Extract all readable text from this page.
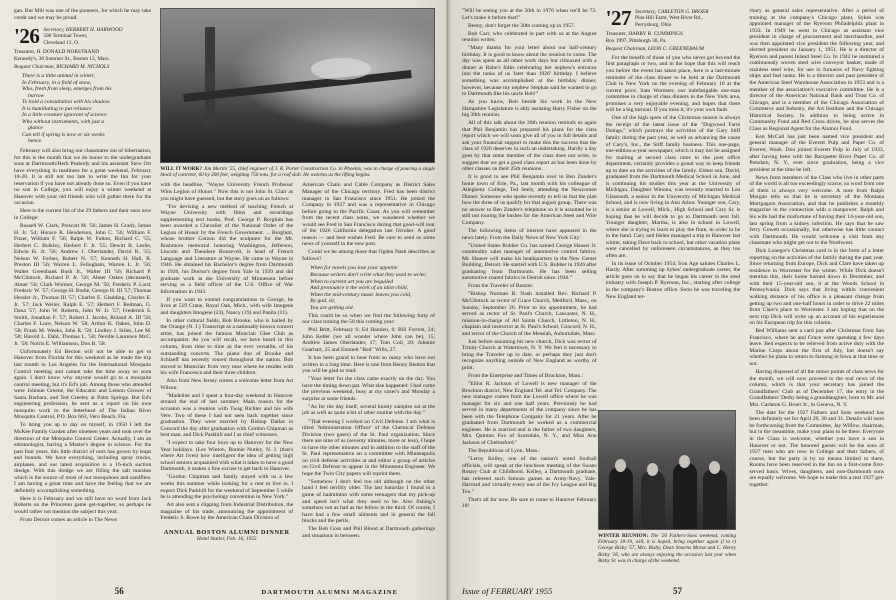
gan. But Milt was one of the pioneers, for which he may take credit and we may be proud.

'26 Secretary, HERBERT H. HARWOOD
500 Terminal Tower,
Cleveland 13, O.
Treasurer, H. DONALD NORSTRAND
Kennedy's, 30 Summer St., Boston 12, Mass.
Bequest Chairman, RICHARD M. NICHOLS
There is a little animal in winter,
In February, in a field of snow,
Who, fresh from sleep, emerges from his
burrow
To hold a consultation with his shadow.
It is humiliating to put reliance
In a little creature ignorant of science
Who without instruments, with just a
glance
Can tell if spring is now or six weeks
hence.

February will also bring our classmates out of hibernation, for this is the month that we do honor to the undergraduate sons at Dartmouth/Herb Peabody and his assistant Stew Orr have everything in readiness for a great weekend, February 18-20. It is still not too late to write the Inn for your reservation if you have not already done so. Even if you have no son in College, you will enjoy a winter weekend at Hanover with your old friends who will gather there for the occasion.

Here is the current list of the 29 fathers and their sons now in College:

Russell W. Clark, Prescott M. '56; James H. Grady, James H. Jr. '54; Horace R. Henderson, John C. '56; William F. Fitzer, William F. '56; Ralph W. Fulton, Richard C. '55; Herbert C. Bulkley, Herbert F. Jr. '55; Dewitt B. Leslie, Edwin H. Jr. '56; Andrew J. Oberlander, David R. '55; Nelson W. Forbes, Robert N. '57; Kenneth H. Hall, R. Preston III '56; Warren L. Felingham, Warren L. Jr. '56; Walter Greenbank Bush Jr., Walter III '56; Richard P. McClintock, Richard P. Jr. '56; Abner Oakes (deceased), Abner '56; Clark Wormer, George M. '56; Frederic P. Lord, Frederic W. '57; George H. Bodie, George H. III '57; Thomas Hessler Jr., Thomas III '57; Charles E. Gladding, Charles E. Jr. '57; Jack Weiler, Ralph E. '57; Herbert F. Redman, G. Dana '57; John W. Roberts, John W. Jr. '57; Frederick S. Smith, Jonathan F. '57; Robert J. Jacobs, Roland A. III '58; Charles F. Luce, Nelson W. '58; Arthur K. Oakes, John D. '58; Frank M. Weeks, John R. '58; Lindley J. Stiles, Lee M. '58; Harold L. Dahl, Thomas L. '58; Neville Laurence McC. Jr. '58; Norris E. Williamson, Don B. '58.

Unfortunately Ed Becton will not be able to get to Hanover from Florida for this weekend as he made the trip last month to Los Angeles for the International Mosquito Control meeting and cannot take the time away so soon again. I don't know why anyone would go to a mosquito control meeting, but it's Ed's job. Among those who attended were Johnnie Greene, the Educator and Lemon Grower of Santa Barbara, and Ted Greeley at Palm Springs. But Ed's engineering profession, he sent us a report on his own mosquito work to the letterhead of The Indian River Mosquito Control, P.O. Box 663, Vero Beach, Fla.

To bring you up to day on myself, in 1950 I left the McKee Family Garden after nineteen years and took over the direction of the Mosquito Control Center. Actually, I am an entomologist, having a Master's degree in science. For the past four years, this little district of ours has grown by leaps and bounds. We have everything, including spray trucks, airplanes, and our latest acquisition is a 16-inch suction dredge. With this dredge we are filling the salt marshes which is the source of most of our mosquitoes and sandflies. I am having a great time and have the feeling that we are definitely accomplishing something.

Here it is February and we still have no word from Jack Roberts on the Princeton game get-together, so perhaps he would rather not mention the subject this year.

From Detroit comes an article in The News

WILL IT WORK? Jim Martin '25, chief engineer of J. R. Porter Construction Co. in Phoenix, was in charge of pouring a single block of concrete, 60 by 200 feet, weighing 750 tons, for a roof slab. He watches as the lifting begins.

with the headline, "Wayne University French Professor Wins Legion of Honor." Now this is not John St. Clair as you might have guessed, but the story goes on as follows:

"For devising a new method of teaching French at Wayne University with films and recordings supplementing text books, Prof. George P. Borglum has been awarded a Chevalier of the National Order of the Legion of Honor by the French Government. ... Borglum, whose brother Gutzon did the sculpture for the Mt. Rushmore memorial honoring Washington, Jefferson, Lincoln and Theodore Roosevelt, is head of French Language and Literature at Wayne. He came to Wayne in 1946. He obtained his Bachelor's degree from Dartmouth in 1926, his Doctor's degree from Yale in 1939 and did graduate work at the University of Minnesota before serving as a field officer of the U.S. Office of War Information in 1943.

If you want to extend congratulations to George, he lives at 519 Crane, Royal Oak, Mich., with wife Imogene and daughters Imogene (23), Nancy (19) and Panila (11).

In other cultural fields, Bob Brooke, who is hailed by the Orange (N. J.) Transcript as a nationally known concert artist, has joined the famous Monclair Glee Club as accompanist. As you will recall, we have heard in this column, from time to time as the ever versatile, of his outstanding concerts. The piano duo of Brooke and Schlaeff has recently toured throughout the nation. Bob moved to Montclair from very near where he resides with his wife Francesca and their three children.

Also from New Jersey comes a welcome letter from Art Wilson:

"Madeline and I spent a four-day weekend in Hanover around the end of last summer. Main reason for the occasion was a reunion with Twag Richter and his wife Vere. Two of these I had not seen back together since graduation. They were married by Bishop Dallas in Concord the day after graduation with Gordon Chipman as best man, and Dick Parkhill and I as chief witnesses.

"I expect to take four boys up to Hanover for the New Year holidays. (Les Winton, Ronnie Nutley, N. J. (that's where Art lives) how intelligent the idea of getting high school seniors acquainted with what it takes to have a good Dartmouth, it makes a fine excuse to get back to Hanover.

"Gordon Chipman and family stayed with us a few weeks this summer while looking for a rent to live in. I expect Dick Parkhill for the weekend of September 5 while he is attending the psychology convention in New York."

Art also sent a clipping from Industrial Distribution, the magazine of his trade, announcing the appointment of Frederic S. Rowe by the American Chain Division of

ANNUAL BOSTON ALUMNI DINNER
Hotel Statler, Feb. 16, 1955

American Chain and Cable Company as District Sales Manager of the Chicago territory. Fred has been district manager in San Francisco since 1951. He joined the Company in 1927 and was a representative in Chicago before going to the Pacific Coast. As you will remember from the recent class notes, we wondered whether we would see Fred in San Francisco during that good-will tour of the 1926 California delegation last October. A good reason — and best wishes Fred. Be sure to send us some news of yourself in the new post.

Could we be among those that Ogden Nash describes as follows?

When for novels you lose your appetite
Because writers don't write what they used to write;
When to current art you are beguiled
And pronounce it the work of an idiot child,
When the mid-century music leaves you cold,
By gad, sir,
You are getting old.

This could be so when we find the following forty of our class turning the 50 this coming year:

Phil Britt, February 6; Ed Hamlen, 6; Bill Forrest, 24; John Ketler (we all wonder where John can be), 15; Andrew James Oberlander, 17; Tom Coil, 20; Johnnie Gearhart, 25 and Emmett "Red" Wills, 27.

It has been grand to hear from so many who have not written in a long time. Here is one from Benny Benton that you will be glad to read:

"Your letter for the class came exactly on the day. You have the timing down pat. What else happened: I had come the previous weekend, busy at my sister's and Monday a surprise at some friends.

"As for the day itself, several knotty samples sat at the job as well as quite a bit of other routine with the day."

"That evening I worked on Civil Defense. I am what is titled 'Administration Officer' of the Chemical Defense Division (two gases) of the St. Paul organization. Since there are nine of us (seventy minutes, more or less), I hope to have the other minutes and in addition to the staff of the St. Paul representative on a committee with Minneapolis on civil defense activities at and editor a group of articles on Civil Defense to appear in the Minnesota Engineer. We hope the Twin City papers will reprint them.

"Somehow I don't feel too old although on the other hand I feel terribly older. The last Saturday I found in a game of badminton with some teenagers that my pick-up and speed isn't what they used to be. Also fishing's somehow not as bad as the fellow in the third. Of course, I have had a few small ailments and in general the fall blocks and the perils.

The Bob Goss and Phil Blood at Dartmouth gatherings and situations in between.

56	DARTMOUTH ALUMNI MAGAZINE

"Will be seeing you at the 50th in 1976 when we'll be 72. Let's make it before that!"

Benny, don't forget the 30th coming up in 1957.

Bob Carr, who celebrated in part with us at the August reunion writes:

"Many thanks for your letter about our half-century birthday. It is good to know about the reunion to come. The day was spent as all other work days but climaxed with a dinner at Rube's folks celebrating her nephew's entrance into the ranks of us 'later than 1926' birthday. I believe something was accomplished at the birthday dinner, however, because my nephew Stephan said he wanted to go to Dartmouth like his uncle Bob!"

As you know, Bob beside his work in the New Hampshire Legislature is ably assisting Harry Fisher on the big 30th reunion.

All of this talk about the 30th reunion reminds us again that Phil Benjamin has prepared his plans for the class report which we will soon give all of you in full details and ask your financial support to make this the success that the class of 1926 deserves in such an undertaking. Hardly a day goes by that some member of the class does not write, to suggest that we get a good class report as has been done by other classes on their 25th reunions.

It is good to see Phil Benjamin over in Ben Zander's home town of Erie, Pa., last month with his colleague of Allegheny College, Ted Seely, attending the Newcomen Dinner. Someone who spoke recently to tell us that the plan how the three of us qualify for that august group. There was no answer to Ben Zander's telephone so it is assumed he is still not touring the bushes for the American Steel and Wire Company.

The following items of interest have appeared in the news lately. From the Daily News of New York City:

"United States Rubber Co. has named George Hauser Jr. commodity sales manager of automotive control fabrics. Mr. Hauser will make his headquarters in the New Center Building, Detroit. He started with U.S. Rubber in 1926 after graduating from Dartmouth. He has been selling automotive coated fabrics in Detroit since 1936."

From the Traveler of Boston:

"Bishop Norman B. Nash installed Rev. Richard P. McClintock as rector of Grace Church, Medford, Mass., on Sunday, September 26. Prior to his appointment, he had served as rector of St. Paul's Church, Lancaster, N. H., mission-in-charge of All Saints Church, Littleton, N. H., chaplain and instructor at St. Paul's School, Concord, N. H., and rector of the Church of the Messiah, Auburndale, Mass.

Just before assuming his new church, Dick was rector of Trinity Church at Watertown, N. Y. We feel it necessary to bring the Traveler up to date, or perhaps they just don't recognize anything outside of New England as worthy of print.

From the Enterprise and Times of Brockton, Mass.:

"Elliot R. Jackson of Lowell is new manager of the Brockton district, New England Tel. and Tel. Company. The new manager comes from the Lowell office where he was manager for six and one half years. Previously he had served in many departments of the company since he has been with the Telephone Company for 21 years. After he graduated from Dartmouth he worked as a commercial engineer. He is married and is the father of two daughters, Mrs. Quinton Fox of Scarsdale, N. Y., and Miss Ann Jackson of Chelmsford."

The Republican of Lynn, Mass.:

"Leroy Kelley, one of the nation's noted football officials, will speak at the luncheon meeting of the Swans Rotary Club at Childhood. Kelley, a Dartmouth graduate, has refereed such famous games as Army-Navy, Yale-Harvard and virtually every one of the Ivy League and Big Ten."

That's all for now. Be sure to come to Hanover February 18!

'27 Secretary, CARLETON G. BROER
Pine Hill Farm, West River Rd.,
Perrysburg, Ohio
Treasurer, HARRY R. CUMMINGS
Box 1997, Pittsburgh 30, Pa.
Bequest Chairman, LEON C. GREENEBAUM

For the benefit of those of you who never got beyond the first paragraph or two, and in the hope that this will reach you before the event has taken place, here is a last-minute reminder of the class dinner to be held at the Dartmouth Club in New York on the evening of February 10 at the current price. Sam Wormser, our indefatigable one-man committee in charge of class dinners in the New York area, promises a very enjoyable evening, and hopes that there will be a big turnout. If you miss it, it's your own fault.

One of the high spots of the Christmas season is always the receipt of the latest issue of the "Dogwood Farm Doings," which portrays the activities of the Gary Stiff family during the past year, as well as advancing the cause of Cary's, Inc., the Stiff family business. This one-page, one-edition-a-year newspaper, which it may not be assigned for mailing at second class rates to the post office department, certainly provides a grand way to keep friends up to date on the activities of the family. Eldest son, David, graduated from the Dartmouth Medical School in June, and is continuing his studies this year at the University of Michigan. Daughter Winona, was recently married to Lou Glassnodt, a senior in the University of Michigan Medical School, and is now living in Ann Arbor. Younger son, Cary, is a senior at Lowell, Mich., High School and Cary Sr. is hoping that he will decide to go to Dartmouth next fall. Younger daughter, Martha, is also in school in Lowell, where she is trying to learn to play the flute, in order to be in the band. Cary and Helen managed a trip to Hanover last winter, taking Dave back to school, but other vacation plans were cancelled by unforeseen circumstances, as they too often are.

In its issue of October 1954, Iron Age salutes Charles L. Hardy. After summing up Sykes' undergraduate career, the article goes on to say that he began his career in the steel industry with Joseph P. Ryerson, Inc., starting after college in the company's Boston office. Soon he was traveling the New England ter-

ritory as general sales representative. After a period of training at the company's Chicago plant, Sykes was appointed manager of the Ryerson Philadelphia plant in 1933. In 1949 he went to Chicago as assistant vice president in charge of procurement and merchandise, and was then appointed vice president the following year, and elected president on January 1, 1951. He is a director of Ryerson and parent Inland Steel Co. In 1942 he instituted a continuously woven steel wire conveyor basket, made of stainless steel wire, for use in furnaces of Navy fighting ships and fuel tanks. He is a director and past president of the American Steel Warehouse Association in 1953 and is a member of the association's executive committee. He is a director of the American National Bank and Trust Co. of Chicago, and is a member of the Chicago Association of Commerce and Industry, the Art Institute and the Chicago Historical Society. In addition to being active in Community Fund and Red Cross drives, he also serves the Class as Regional Agent for the Alumni Fund.

Ken McCall has just been named vice president and general manager of the Everett Pulp and Paper Co. of Everett, Wash. Don joined Everett Pulp in July of 1933, after having been with the Racquette River Paper Co. of Potsdam, N. Y., ever since graduation, being a vice president at the time he left.

News from members of the Class who live in other parts of the world is all too exceedingly scarce, so word from one of them is always very welcome. A note from Ralph Morgan tells us that he is secretary of the Montana Mortgagors Association, and that he publishes a monthly magazine in the connection with a manpower. Ralph and his wife had the misfortune of having their 14-year-old son, last spring from a kidney infection. He says that he saw Jerry Gowett occasionally, but otherwise has little contact with Dartmouth. He would welcome a visit from any classmate who might get out to the Northwest.

Dick Lonegre's Christmas card is in the form of a letter reporting on the activities of the family during the past year. Since returning from Europe, Dick and Clare have taken up residence in Worcester for the winter. While Dick doesn't mention this, their home burned down in December, and with their 15-year-old son, it at the Woods School in Pennsylvania. Dick says that living within convenient walking distance of his office is a pleasant change from getting up two and one-half hours in order to drive 22 miles from Clare's place to Worcester. I am hoping that on the next trip Dick will write up an account of his experiences on his European trip for this column.

Bed Williams sent a card just after Christmas from San Francisco, where he and Grace were spending a few days leave. Bed expects to be relieved from active duty with the Marine Corps about the first of July, but doesn't say whether he plans to return to farming in Iowa at that time or not.

Having disposed of all the minor points of class news for the month, we will now proceed to the real news of the column, which is that your secretary has joined the Grandfathers' Club as of December 17, the entry in the Grandfathers' Derby being a granddaughter, born to Mr. and Mrs. Carleton G. Broer Jr., in Geneva, N. Y.

The date for the 1927 Fathers and Sons weekend has been definitely set for April 29, 30 and 31. Details will soon be forthcoming from the Committee, Jay Willow, chairman, but in the meantime, make your plans to be there. Everyone in the Class is welcome, whether you have a son in Hanover or not. The honored guests will be the sons of 1927 men who are now in College and their fathers, of course, but the party is by no means limited to them. Rooms have been reserved in the Inn on a first-come first-served basis. Wives, daughters, and non-Dartmouth sons are equally welcome. We hope to make this a real 1927 get-together.

WINTER REUNION: The '26 Fathers-Sons weekend, coming February 18-19, will, it is hoped, bring together again (l to r) George Bixby '57, Mrs. Bixby, Dean Stearns Morse and C. Henry Bixby '26, who are always enjoying the occasion last year when Bixby Sr. was in charge of the weekend.
Issue of FEBRUARY 1955	57
